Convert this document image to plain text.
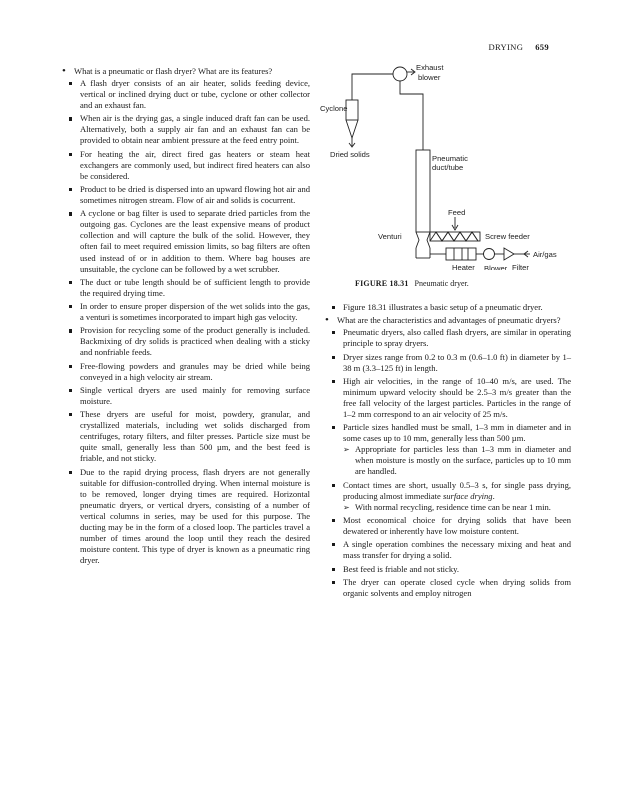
DRYING 659
• What is a pneumatic or flash dryer? What are its features?
A flash dryer consists of an air heater, solids feeding device, vertical or inclined drying duct or tube, cyclone or other collector and an exhaust fan.
When air is the drying gas, a single induced draft fan can be used. Alternatively, both a supply air fan and an exhaust fan can be provided to obtain near ambient pressure at the feed entry point.
For heating the air, direct fired gas heaters or steam heat exchangers are commonly used, but indirect fired heaters can also be considered.
Product to be dried is dispersed into an upward flowing hot air and sometimes nitrogen stream. Flow of air and solids is cocurrent.
A cyclone or bag filter is used to separate dried particles from the outgoing gas. Cyclones are the least expensive means of product collection and will capture the bulk of the solid. However, they often fail to meet required emission limits, so bag filters are often used instead of or in addition to them. Where bag houses are unsuitable, the cyclone can be followed by a wet scrubber.
The duct or tube length should be of sufficient length to provide the required drying time.
In order to ensure proper dispersion of the wet solids into the gas, a venturi is sometimes incorporated to impart high gas velocity.
Provision for recycling some of the product generally is included. Backmixing of dry solids is practiced when dealing with a sticky and nonfriable feeds.
Free-flowing powders and granules may be dried while being conveyed in a high velocity air stream.
Single vertical dryers are used mainly for removing surface moisture.
These dryers are useful for moist, powdery, granular, and crystallized materials, including wet solids discharged from centrifuges, rotary filters, and filter presses. Particle size must be quite small, generally less than 500 µm, and the best feed is friable, and not sticky.
Due to the rapid drying process, flash dryers are not generally suitable for diffusion-controlled drying. When internal moisture is to be removed, longer drying times are required. Horizontal pneumatic dryers, or vertical dryers, consisting of a number of vertical columns in series, may be used for this purpose. The ducting may be in the form of a closed loop. The particles travel a number of times around the loop until they reach the desired moisture content. This type of dryer is known as a pneumatic ring dryer.
Exhaust
blower
Cyclone
Dried solids	Pneumatic
duct/tube
Feed
Venturi	Screw feeder
Air/gas
Heater Blower Filter
FIGURE 18.31 Pneumatic dryer.
Figure 18.31 illustrates a basic setup of a pneumatic dryer.
• What are the characteristics and advantages of pneumatic dryers?
Pneumatic dryers, also called flash dryers, are similar in operating principle to spray dryers.
Dryer sizes range from 0.2 to 0.3 m (0.6–1.0 ft) in diameter by 1–38 m (3.3–125 ft) in length.
High air velocities, in the range of 10–40 m/s, are used. The minimum upward velocity should be 2.5–3 m/s greater than the free fall velocity of the largest particles. Particles in the range of 1–2 mm correspond to an air velocity of 25 m/s.
Particle sizes handled must be small, 1–3 mm in diameter and in some cases up to 10 mm, generally less than 500 µm.
➢ Appropriate for particles less than 1–3 mm in diameter and when moisture is mostly on the surface, particles up to 10 mm are handled.
Contact times are short, usually 0.5–3 s, for single pass drying, producing almost immediate surface drying.
➢ With normal recycling, residence time can be near 1 min.
Most economical choice for drying solids that have been dewatered or inherently have low moisture content.
A single operation combines the necessary mixing and heat and mass transfer for drying a solid.
Best feed is friable and not sticky.
The dryer can operate closed cycle when drying solids from organic solvents and employ nitrogen
